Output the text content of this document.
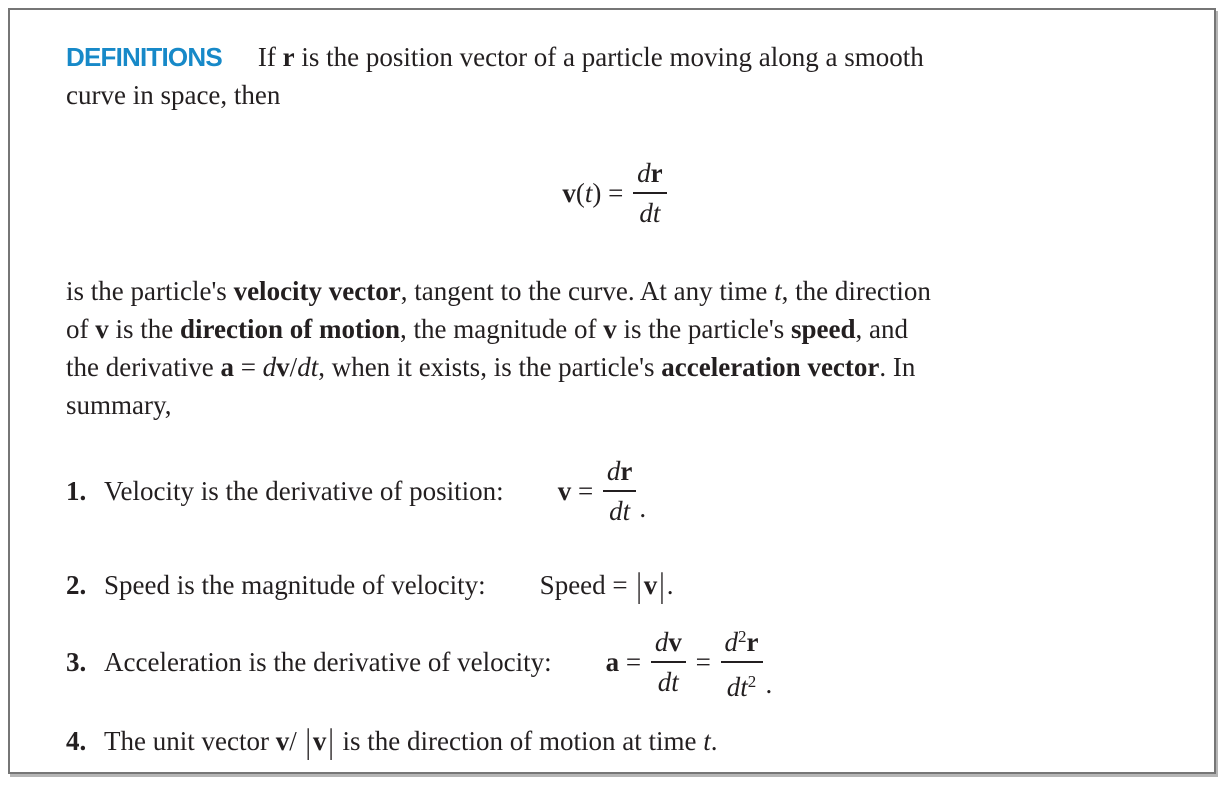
DEFINITIONS If r is the position vector of a particle moving along a smooth
curve in space, then
v ( t ) = $\frac{dr}{dt}$
is the particle's velocity vector, tangent to the curve. At any time t, the direction
of v is the direction of motion, the magnitude of v is the particle's speed, and
the derivative a = dv/dt, when it exists, is the particle's acceleration vector. In
summary,
1. Velocity is the derivative of position: $v = \frac{dr}{dt}$ .
2. Speed is the magnitude of velocity: Speed = | v | .
3. Acceleration is the derivative of velocity: $a = \frac{dv}{dt} = \frac{d^2r}{dt^2}$ .
4. The unit vector v/ |v| is the direction of motion at time t.
